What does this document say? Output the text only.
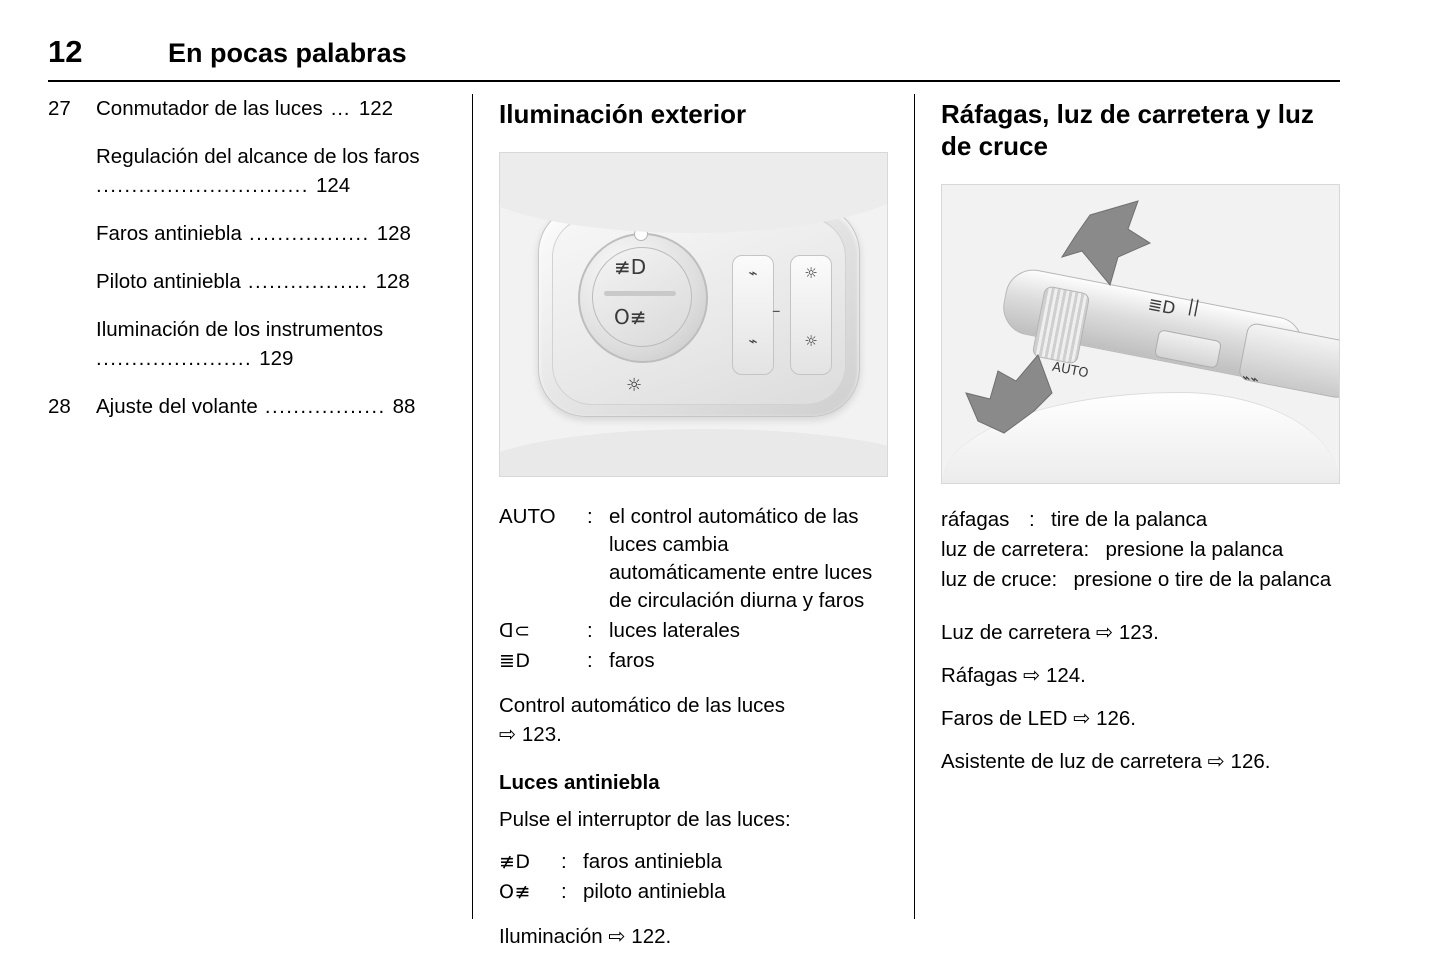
12	En pocas palabras
27	Conmutador de las luces … 122
Regulación del alcance de los faros .............................. 124
Faros antiniebla ................. 128
Piloto antiniebla ................. 128
Iluminación de los instrumentos ...................... 129
28	Ajuste del volante ................. 88
Iluminación exterior
≢D
O≢
☼
⌁
⌁
☼
☼
–
AUTO	: el control automático de las luces cambia automáticamente entre luces de circulación diurna y faros
ᗡ⊂	: luces laterales
≣D	: faros
Control automático de las luces
⇨ 123.
Luces antiniebla
Pulse el interruptor de las luces:
≢D	: faros antiniebla
O≢	: piloto antiniebla
Iluminación ⇨ 122.
Ráfagas, luz de carretera y luz de cruce
≣D ||
AUTO	⌁⌁
ráfagas : tire de la palanca
luz de carretera : presione la palanca
luz de cruce : presione o tire de la palanca
Luz de carretera ⇨ 123.
Ráfagas ⇨ 124.
Faros de LED ⇨ 126.
Asistente de luz de carretera ⇨ 126.
